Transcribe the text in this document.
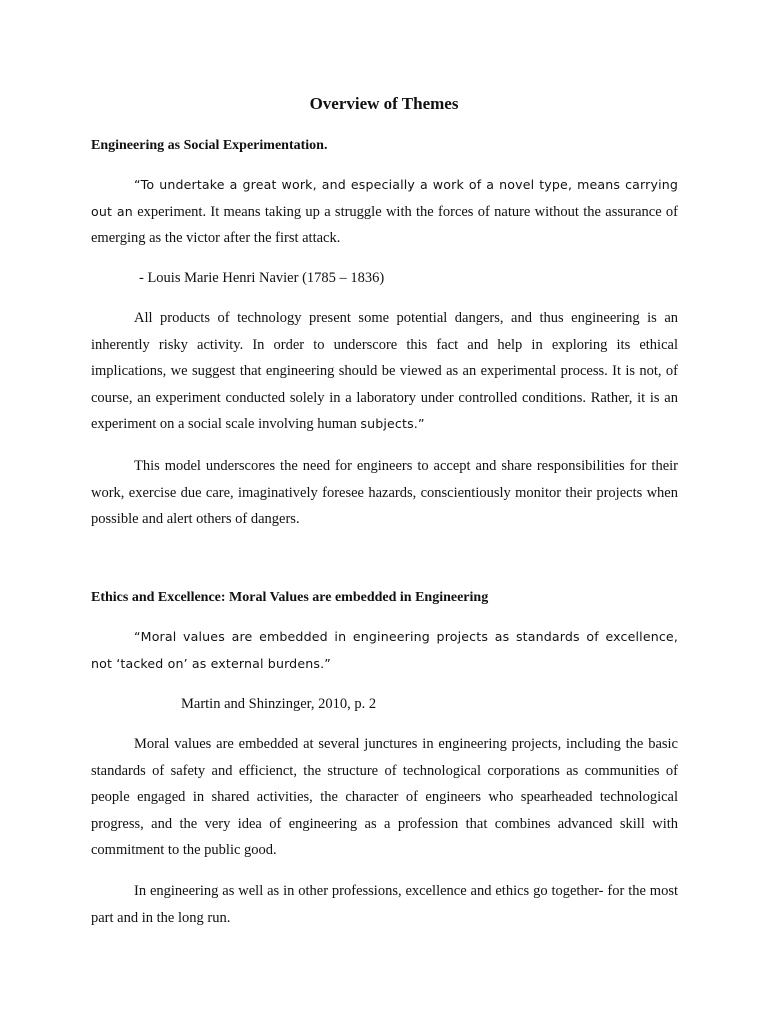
Overview of Themes
Engineering as Social Experimentation.

“To undertake a great work, and especially a work of a novel type, means carrying out an experiment. It means taking up a struggle with the forces of nature without the assurance of emerging as the victor after the first attack.

- Louis Marie Henri Navier (1785 – 1836)

All products of technology present some potential dangers, and thus engineering is an inherently risky activity. In order to underscore this fact and help in exploring its ethical implications, we suggest that engineering should be viewed as an experimental process. It is not, of course, an experiment conducted solely in a laboratory under controlled conditions. Rather, it is an experiment on a social scale involving human subjects.”

This model underscores the need for engineers to accept and share responsibilities for their work, exercise due care, imaginatively foresee hazards, conscientiously monitor their projects when possible and alert others of dangers.

Ethics and Excellence: Moral Values are embedded in Engineering

“Moral values are embedded in engineering projects as standards of excellence, not ‘tacked on’ as external burdens.”

Martin and Shinzinger, 2010, p. 2

Moral values are embedded at several junctures in engineering projects, including the basic standards of safety and efficienct, the structure of technological corporations as communities of people engaged in shared activities, the character of engineers who spearheaded technological progress, and the very idea of engineering as a profession that combines advanced skill with commitment to the public good.

In engineering as well as in other professions, excellence and ethics go together- for the most part and in the long run.
